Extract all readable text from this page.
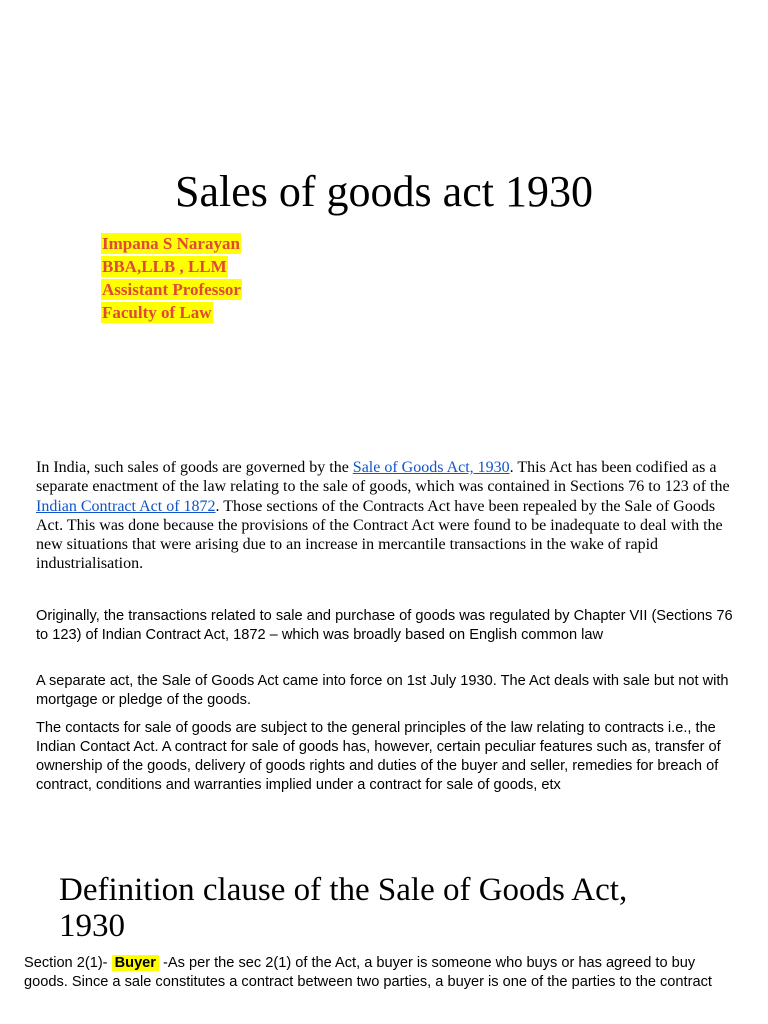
Sales of goods act 1930
Impana S Narayan
BBA,LLB , LLM
Assistant Professor
Faculty of Law
In India, such sales of goods are governed by the Sale of Goods Act, 1930. This Act has been codified as a separate enactment of the law relating to the sale of goods, which was contained in Sections 76 to 123 of the Indian Contract Act of 1872. Those sections of the Contracts Act have been repealed by the Sale of Goods Act. This was done because the provisions of the Contract Act were found to be inadequate to deal with the new situations that were arising due to an increase in mercantile transactions in the wake of rapid industrialisation.
Originally, the transactions related to sale and purchase of goods was regulated by Chapter VII (Sections 76 to 123) of Indian Contract Act, 1872 – which was broadly based on English common law
A separate act, the Sale of Goods Act came into force on 1st July 1930. The Act deals with sale but not with mortgage or pledge of the goods.
The contacts for sale of goods are subject to the general principles of the law relating to contracts i.e., the Indian Contact Act. A contract for sale of goods has, however, certain peculiar features such as, transfer of ownership of the goods, delivery of goods rights and duties of the buyer and seller, remedies for breach of contract, conditions and warranties implied under a contract for sale of goods, etx
Definition clause of the Sale of Goods Act, 1930
Section 2(1)- Buyer -As per the sec 2(1) of the Act, a buyer is someone who buys or has agreed to buy goods. Since a sale constitutes a contract between two parties, a buyer is one of the parties to the contract
